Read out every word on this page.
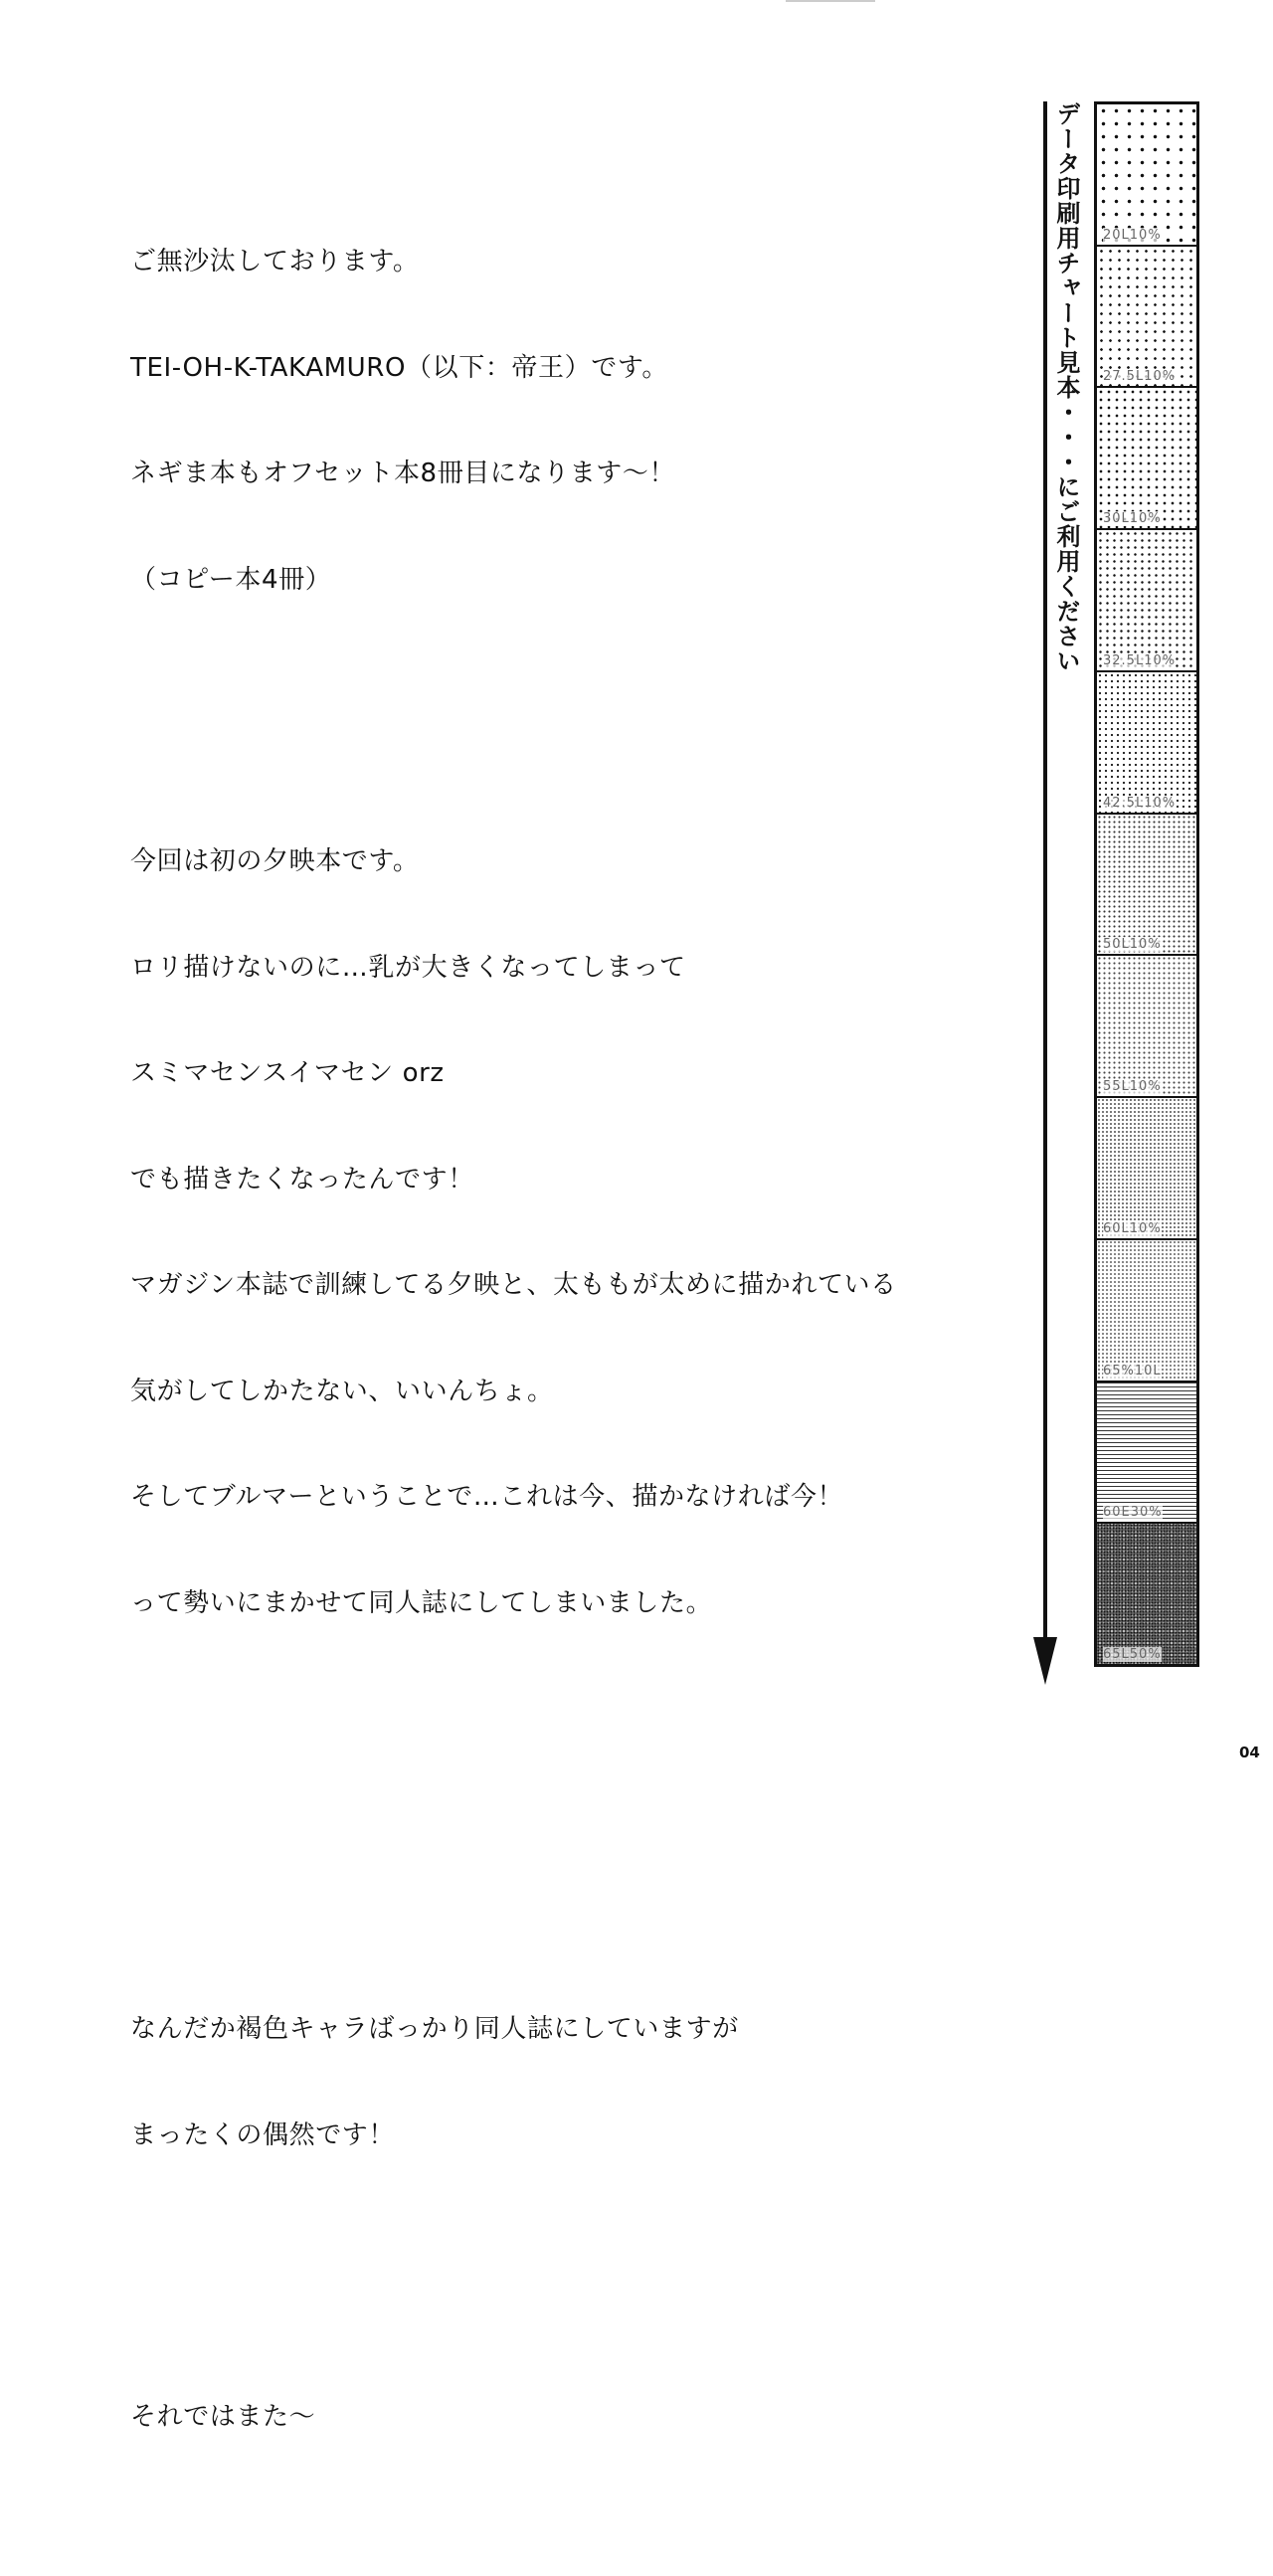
ご無沙汰しております。

TEI-OH-K-TAKAMURO（以下：帝王）です。

ネギま本もオフセット本8冊目になります～！

（コピー本4冊）

今回は初の夕映本です。

ロリ描けないのに…乳が大きくなってしまって

スミマセンスイマセン orz

でも描きたくなったんです！

マガジン本誌で訓練してる夕映と、太ももが太めに描かれている

気がしてしかたない、いいんちょ。

そしてブルマーということで…これは今、描かなければ今！

って勢いにまかせて同人誌にしてしまいました。

なんだか褐色キャラばっかり同人誌にしていますが

まったくの偶然です！

それではまた～

データ印刷用チャート見本・・・にご利用ください 20L10%
27.5L10%
30L10%
32.5L10%
42.5L10%
50L10%
55L10%
60L10%
65%10L
60E30%
65L50%
04
